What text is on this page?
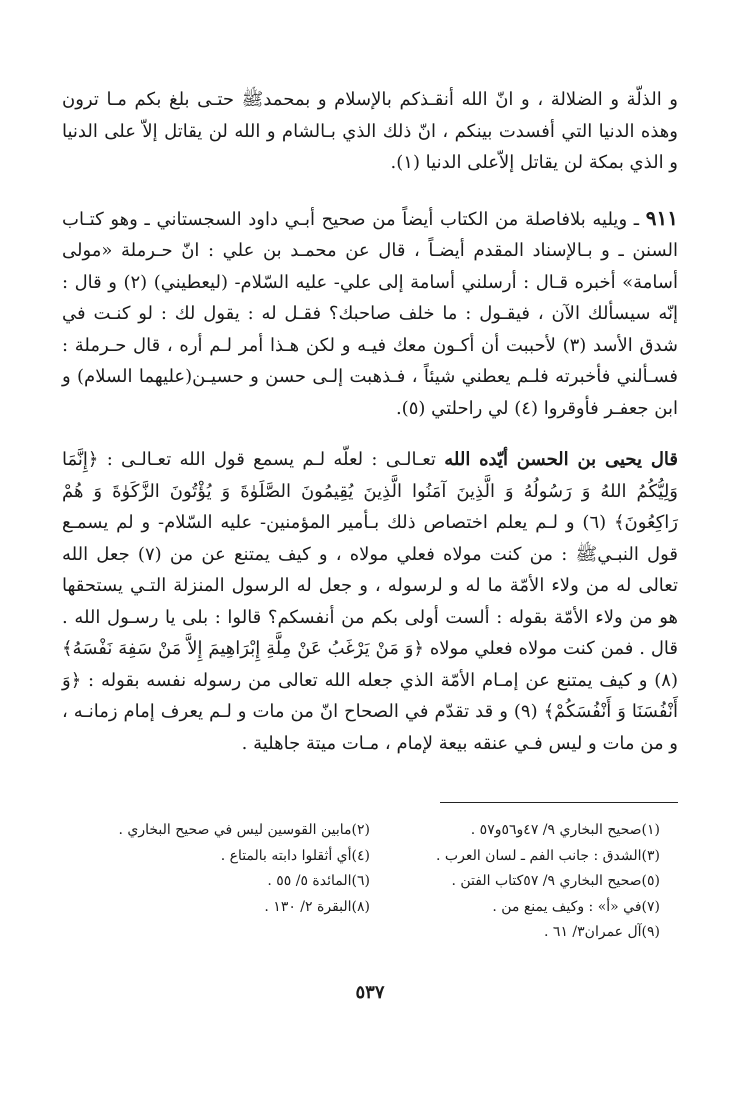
و الذلّة و الضلالة ، و انّ الله أنقـذكم بالإسلام و بمحمدﷺ حتـى بلغ بكم مـا ترون وهذه الدنيا التي أفسدت بينكم ، انّ ذلك الذي بـالشام و الله لن يقاتل إلاّ على الدنيا و الذي بمكة لن يقاتل إلاّعلى الدنيا (١).

٩١١ ـ ويليه بلافاصلة من الكتاب أيضاً من صحيح أبـي داود السجستاني ـ وهو كتـاب السنن ـ و بـالإسناد المقدم أيضـاً ، قال عن محمـد بن علي : انّ حـرملة «مولى أسامة» أخبره قـال : أرسلني أسامة إلى علي- عليه السّلام- (ليعطيني) (٢) و قال : إنّه سيسألك الآن ، فيقـول : ما خلف صاحبك؟ فقـل له : يقول لك : لو كنـت في شدق الأسد (٣) لأحببت أن أكـون معك فيـه و لكن هـذا أمر لـم أره ، قال حـرملة : فسـألني فأخبرته فلـم يعطني شيئاً ، فـذهبت إلـى حسن و حسيـن(عليهما السلام) و ابن جعفـر فأوقروا (٤) لي راحلتي (٥).

قال يحيى بن الحسن أيّده الله تعـالـى : لعلّه لـم يسمع قول الله تعـالـى : ﴿إِنَّمَا وَلِيُّكُمُ اللهُ وَ رَسُولُهُ وَ الَّذِينَ آمَنُوا الَّذِينَ يُقِيمُونَ الصَّلَوٰةَ وَ يُؤْتُونَ الزَّكَوٰةَ وَ هُمْ رَاكِعُونَ﴾ (٦) و لـم يعلم اختصاص ذلك بـأمير المؤمنين- عليه السّلام- و لم يسمـع قول النبـيﷺ : من كنت مولاه فعلي مولاه ، و كيف يمتنع عن من (٧) جعل الله تعالى له من ولاء الأمّة ما له و لرسوله ، و جعل له الرسول المنزلة التـي يستحقها هو من ولاء الأمّة بقوله : ألست أولى بكم من أنفسكم؟ قالوا : بلى يا رسـول الله . قال . فمن كنت مولاه فعلي مولاه ﴿وَ مَنْ يَرْغَبُ عَنْ مِلَّةِ إِبْرَاهِيمَ إِلاَّ مَنْ سَفِهَ نَفْسَهُ﴾ (٨) و كيف يمتنع عن إمـام الأمّة الذي جعله الله تعالى من رسوله نفسه بقوله : ﴿وَ أَنْفُسَنَا وَ أَنْفُسَكُمْ﴾ (٩) و قد تقدّم في الصحاح انّ من مات و لـم يعرف إمام زمانـه ، و من مات و ليس فـي عنقه بيعة لإمام ، مـات ميتة جاهلية .

(١)صحيح البخاري ٩/ ٤٧و٥٦و٥٧ .
(٢)مابين القوسين ليس في صحيح البخاري .
(٣)الشدق : جانب الفم ـ لسان العرب .
(٤)أي أثقلوا دابته بالمتاع .
(٥)صحيح البخاري ٩/ ٥٧كتاب الفتن .
(٦)المائدة ٥/ ٥٥ .
(٧)في «أ» : وكيف يمنع من .
(٨)البقرة ٢/ ١٣٠ .
(٩)آل عمران٣/ ٦١ .
٥٣٧
